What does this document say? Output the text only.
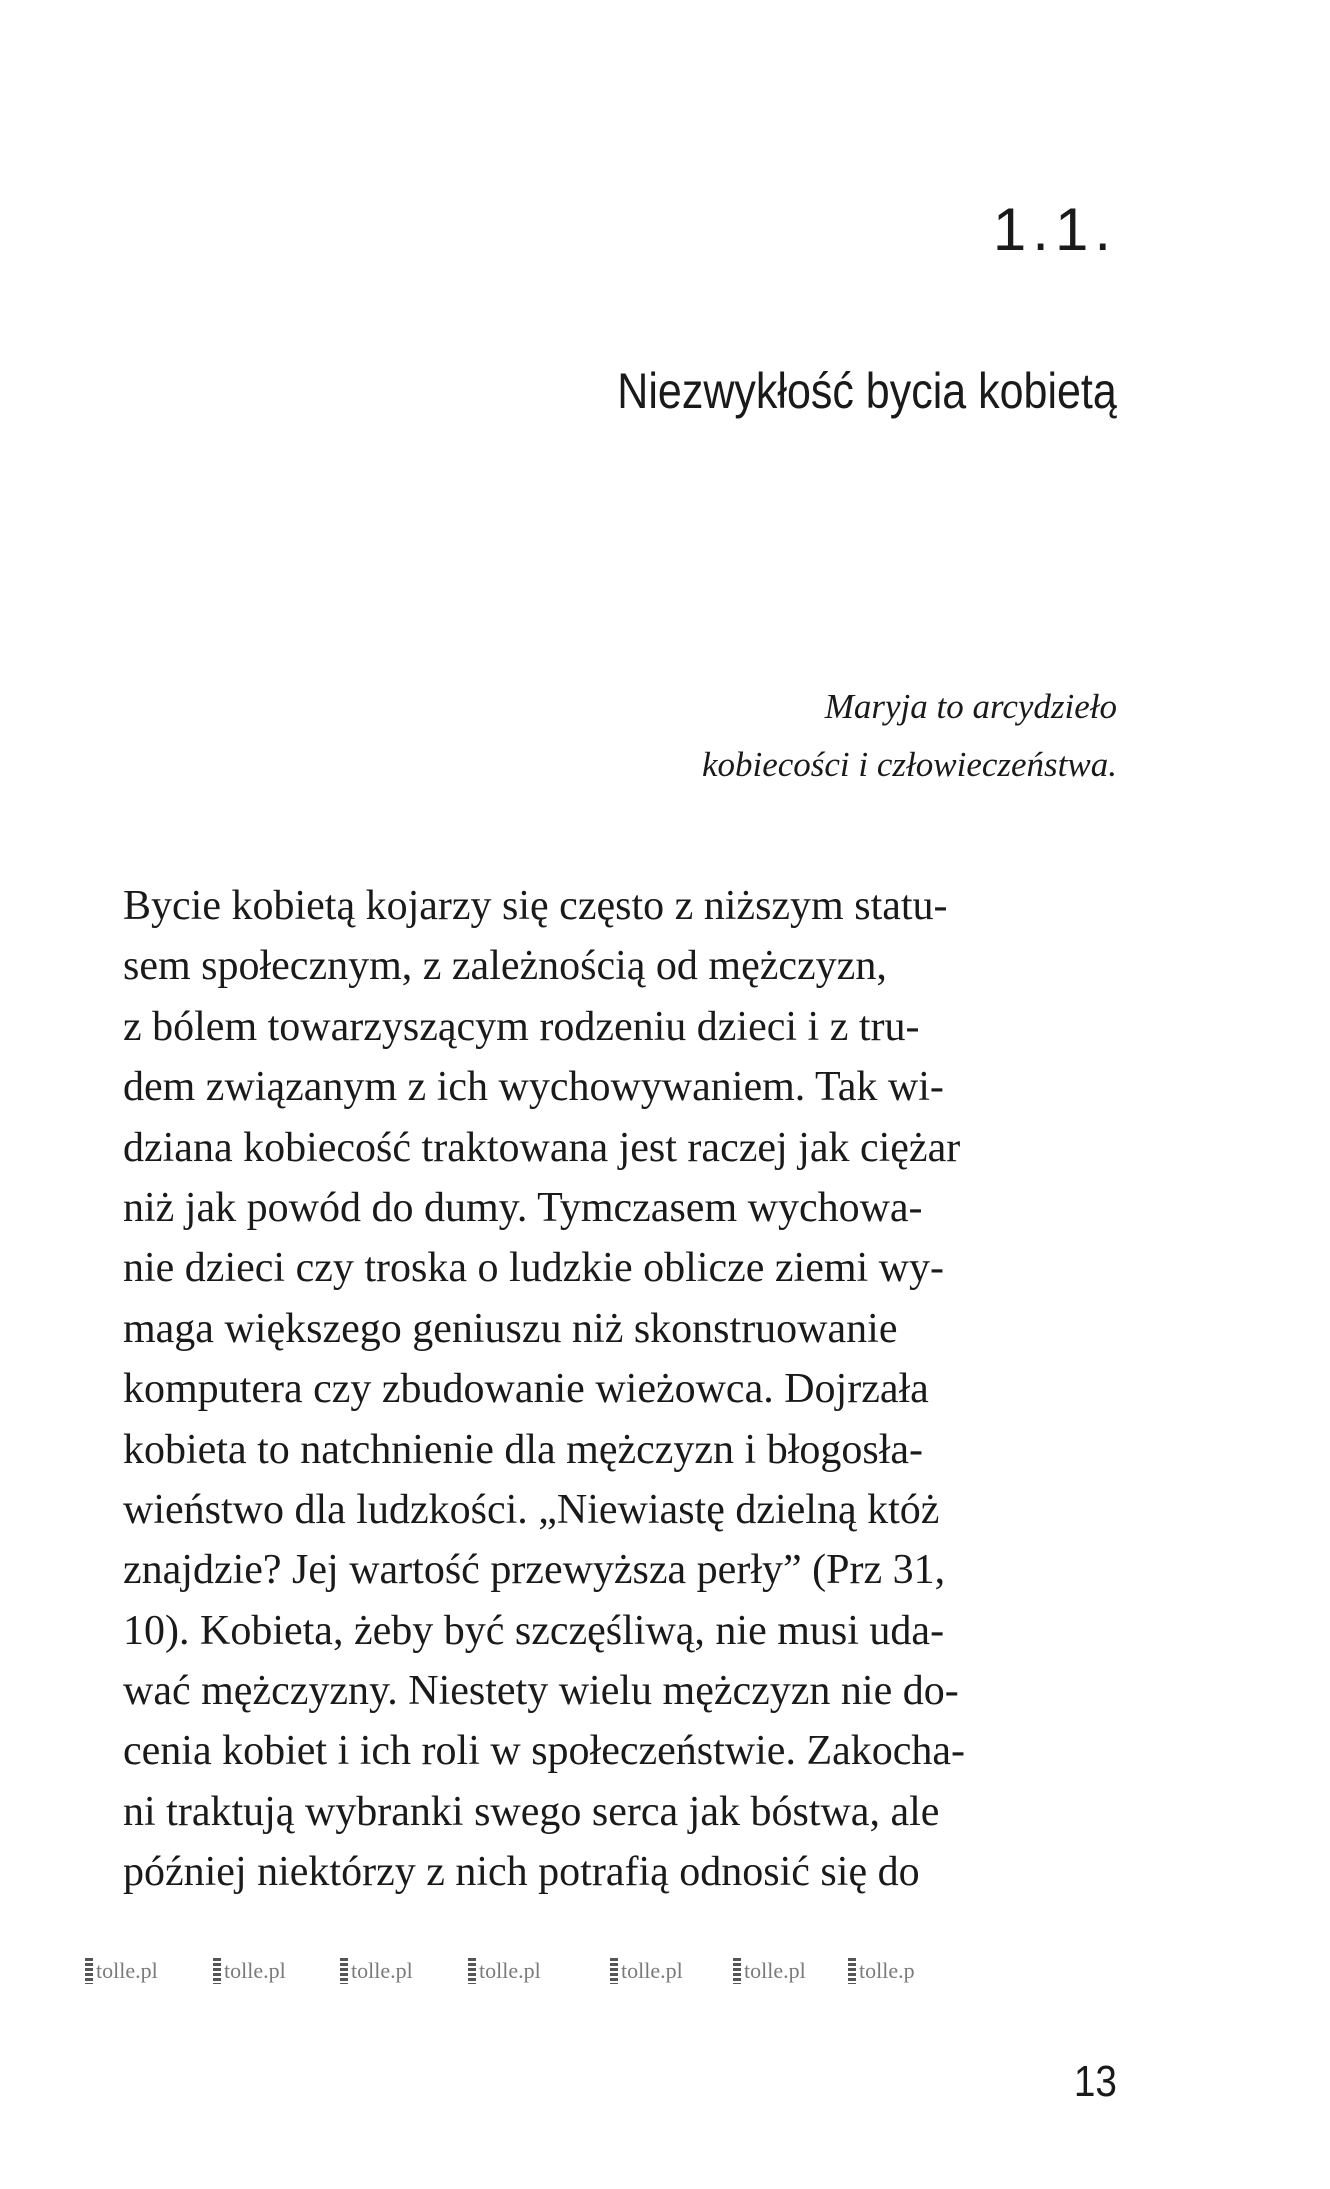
1.1.
Niezwykłość bycia kobietą
Maryja to arcydzieło
kobiecości i człowieczeństwa.
Bycie kobietą kojarzy się często z niższym statu-
sem społecznym, z zależnością od mężczyzn,
z bólem towarzyszącym rodzeniu dzieci i z tru-
dem związanym z ich wychowywaniem. Tak wi-
dziana kobiecość traktowana jest raczej jak ciężar
niż jak powód do dumy. Tymczasem wychowa-
nie dzieci czy troska o ludzkie oblicze ziemi wy-
maga większego geniuszu niż skonstruowanie
komputera czy zbudowanie wieżowca. Dojrzała
kobieta to natchnienie dla mężczyzn i błogosła-
wieństwo dla ludzkości. „Niewiastę dzielną któż
znajdzie? Jej wartość przewyższa perły” (Prz 31,
10). Kobieta, żeby być szczęśliwą, nie musi uda-
wać mężczyzny. Niestety wielu mężczyzn nie do-
cenia kobiet i ich roli w społeczeństwie. Zakocha-
ni traktują wybranki swego serca jak bóstwa, ale
później niektórzy z nich potrafią odnosić się do
tolle.pl	tolle.pl	tolle.pl	tolle.pl	tolle.pl	tolle.pl tolle.p
13
